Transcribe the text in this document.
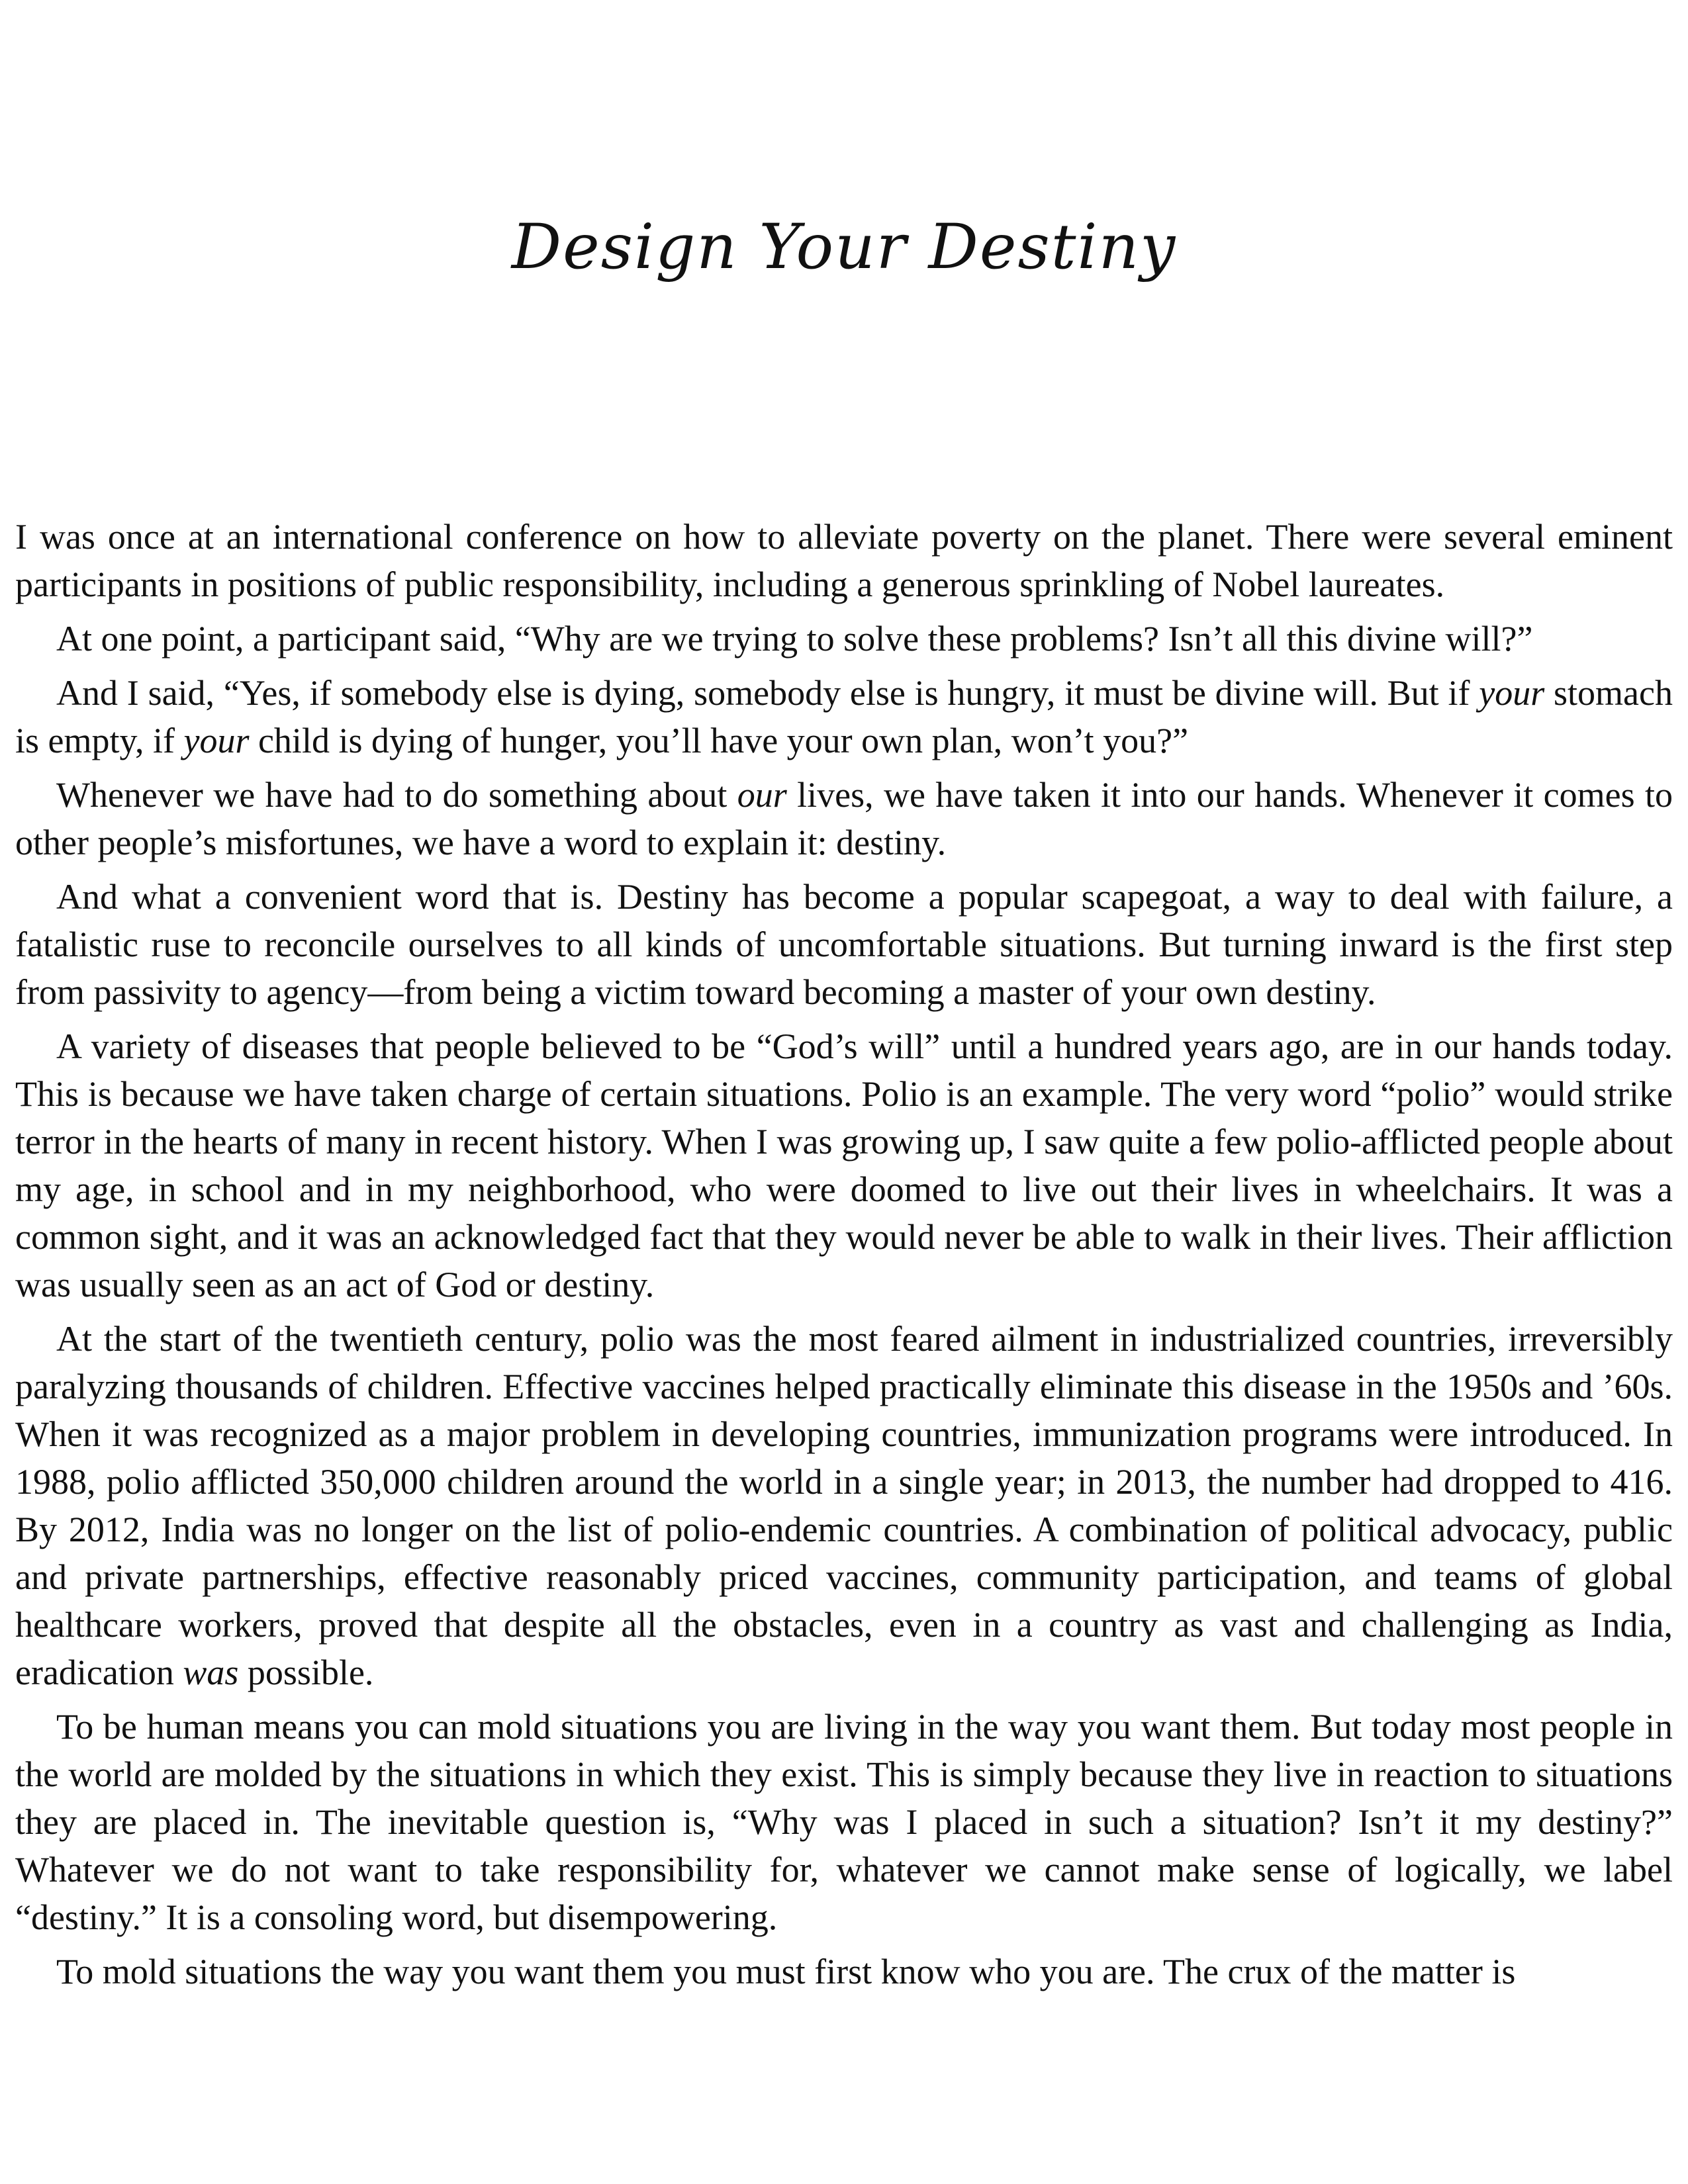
Design Your Destiny

I was once at an international conference on how to alleviate poverty on the planet. There were several eminent participants in positions of public responsibility, including a generous sprinkling of Nobel laureates.

At one point, a participant said, “Why are we trying to solve these problems? Isn’t all this divine will?”

And I said, “Yes, if somebody else is dying, somebody else is hungry, it must be divine will. But if your stomach is empty, if your child is dying of hunger, you’ll have your own plan, won’t you?”

Whenever we have had to do something about our lives, we have taken it into our hands. Whenever it comes to other people’s misfortunes, we have a word to explain it: destiny.

And what a convenient word that is. Destiny has become a popular scapegoat, a way to deal with failure, a fatalistic ruse to reconcile ourselves to all kinds of uncomfortable situations. But turning inward is the first step from passivity to agency—from being a victim toward becoming a master of your own destiny.

A variety of diseases that people believed to be “God’s will” until a hundred years ago, are in our hands today. This is because we have taken charge of certain situations. Polio is an example. The very word “polio” would strike terror in the hearts of many in recent history. When I was growing up, I saw quite a few polio-afflicted people about my age, in school and in my neighborhood, who were doomed to live out their lives in wheelchairs. It was a common sight, and it was an acknowledged fact that they would never be able to walk in their lives. Their affliction was usually seen as an act of God or destiny.

At the start of the twentieth century, polio was the most feared ailment in industrialized countries, irreversibly paralyzing thousands of children. Effective vaccines helped practically eliminate this disease in the 1950s and ’60s. When it was recognized as a major problem in developing countries, immunization programs were introduced. In 1988, polio afflicted 350,000 children around the world in a single year; in 2013, the number had dropped to 416. By 2012, India was no longer on the list of polio-endemic countries. A combination of political advocacy, public and private partnerships, effective reasonably priced vaccines, community participation, and teams of global healthcare workers, proved that despite all the obstacles, even in a country as vast and challenging as India, eradication was possible.

To be human means you can mold situations you are living in the way you want them. But today most people in the world are molded by the situations in which they exist. This is simply because they live in reaction to situations they are placed in. The inevitable question is, “Why was I placed in such a situation? Isn’t it my destiny?” Whatever we do not want to take responsibility for, whatever we cannot make sense of logically, we label “destiny.” It is a consoling word, but disempowering.

To mold situations the way you want them you must first know who you are. The crux of the matter is
